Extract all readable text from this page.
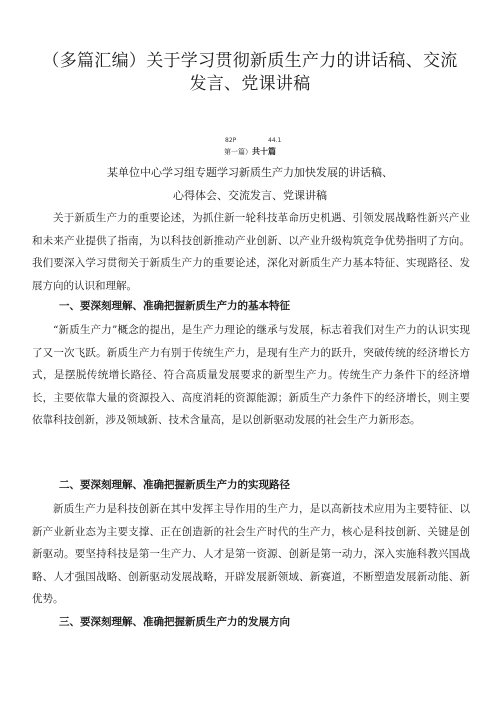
（多篇汇编）关于学习贯彻新质生产力的讲话稿、交流发言、党课讲稿
82P	44.1
第一篇）共十篇
某单位中心学习组专题学习新质生产力加快发展的讲话稿、
心得体会、交流发言、党课讲稿

关于新质生产力的重要论述，为抓住新一轮科技革命历史机遇、引领发展战略性新兴产业和未来产业提供了指南，为以科技创新推动产业创新、以产业升级构筑竞争优势指明了方向。我们要深入学习贯彻关于新质生产力的重要论述，深化对新质生产力基本特征、实现路径、发展方向的认识和理解。

一、要深刻理解、准确把握新质生产力的基本特征

“新质生产力”概念的提出，是生产力理论的继承与发展，标志着我们对生产力的认识实现了又一次飞跃。新质生产力有别于传统生产力，是现有生产力的跃升，突破传统的经济增长方式，是摆脱传统增长路径、符合高质量发展要求的新型生产力。传统生产力条件下的经济增长，主要依靠大量的资源投入、高度消耗的资源能源；新质生产力条件下的经济增长，则主要依靠科技创新，涉及领域新、技术含量高，是以创新驱动发展的社会生产力新形态。

二、要深刻理解、准确把握新质生产力的实现路径

新质生产力是科技创新在其中发挥主导作用的生产力，是以高新技术应用为主要特征、以新产业新业态为主要支撑、正在创造新的社会生产时代的生产力，核心是科技创新、关键是创新驱动。要坚持科技是第一生产力、人才是第一资源、创新是第一动力，深入实施科教兴国战略、人才强国战略、创新驱动发展战略，开辟发展新领域、新赛道，不断塑造发展新动能、新优势。

三、要深刻理解、准确把握新质生产力的发展方向
